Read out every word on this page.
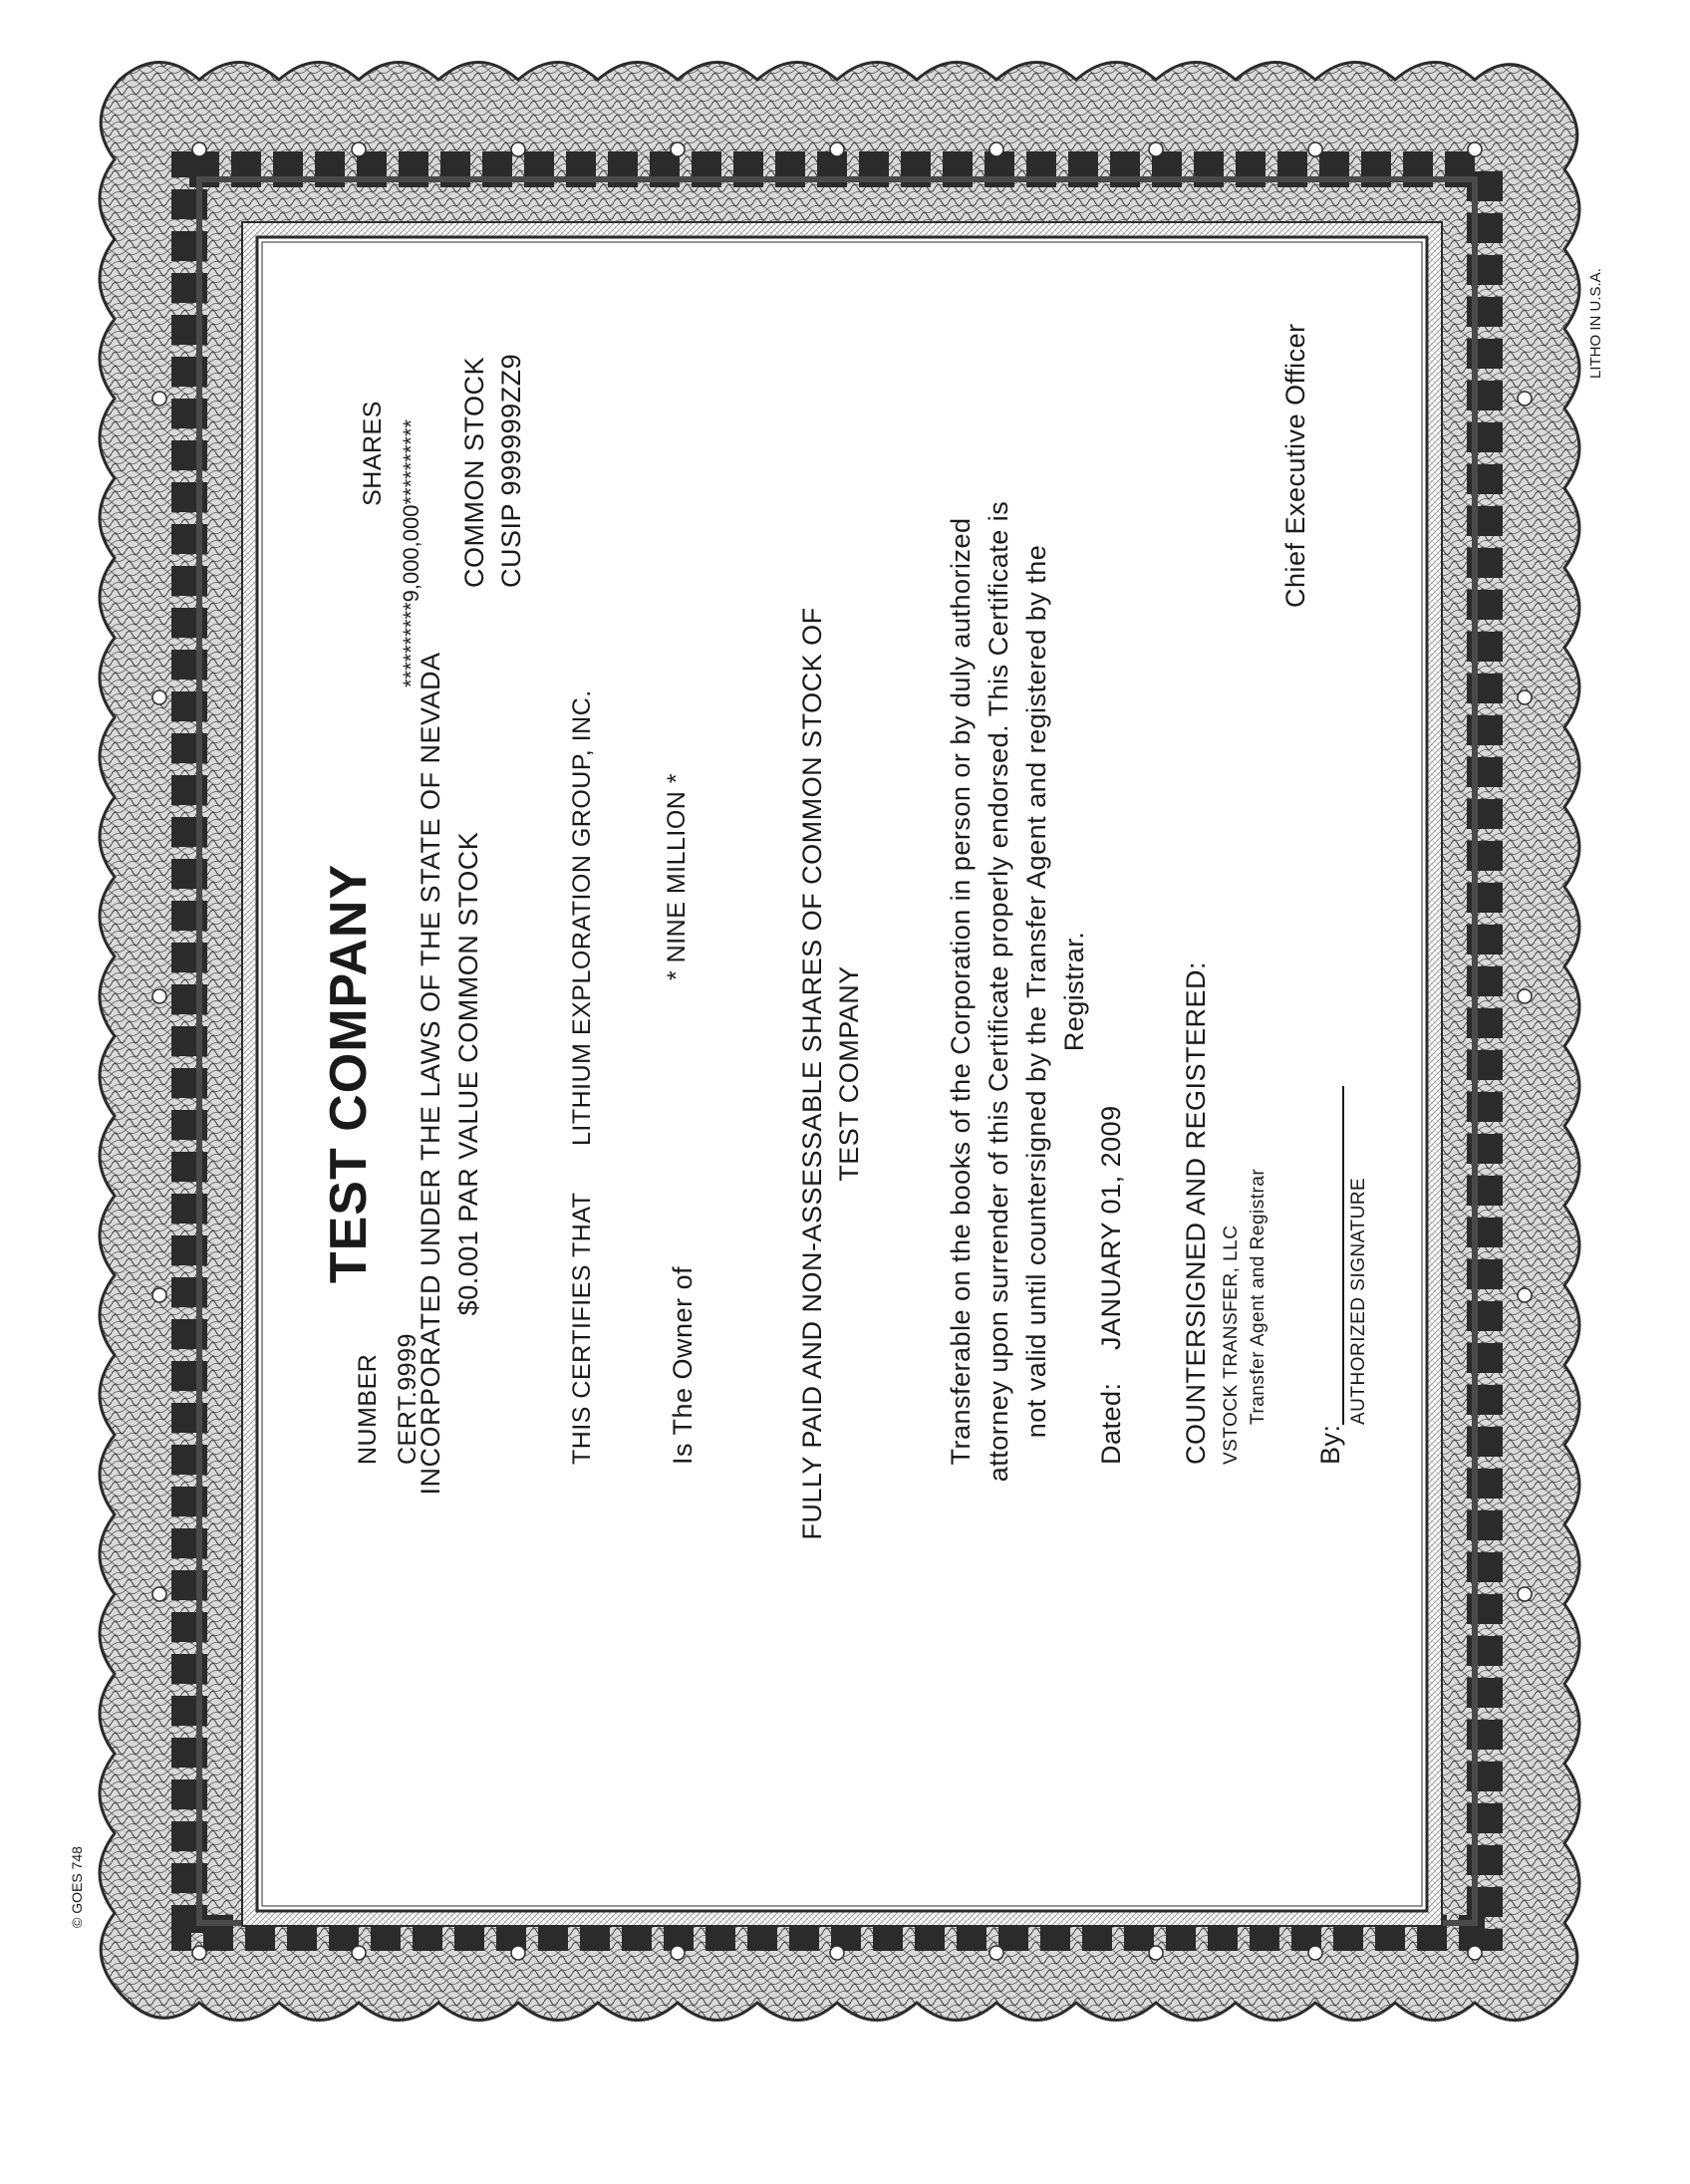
TEST COMPANY INCORPORATED UNDER THE LAWS OF THE STATE OF NEVADA $0.001 PAR VALUE COMMON STOCK
NUMBER CERT.9999
SHARES **********9,000,000********** COMMON STOCK CUSIP 999999ZZ9
THIS CERTIFIES THAT
LITHIUM EXPLORATION GROUP, INC.
Is The Owner of
* NINE MILLION *	FULLY PAID AND NON-ASSESSABLE SHARES OF COMMON STOCK OF TEST COMPANY	Transferable on the books of the Corporation in person or by duly authorized attorney upon surrender of this Certificate properly endorsed. This Certificate is not valid until countersigned by the Transfer Agent and registered by the Registrar.
Dated:
JANUARY 01, 2009 COUNTERSIGNED AND REGISTERED: VSTOCK TRANSFER, LLC Transfer Agent and Registrar
By:
AUTHORIZED SIGNATURE
Chief Executive Officer	LITHO IN U.S.A.
© GOES 748
